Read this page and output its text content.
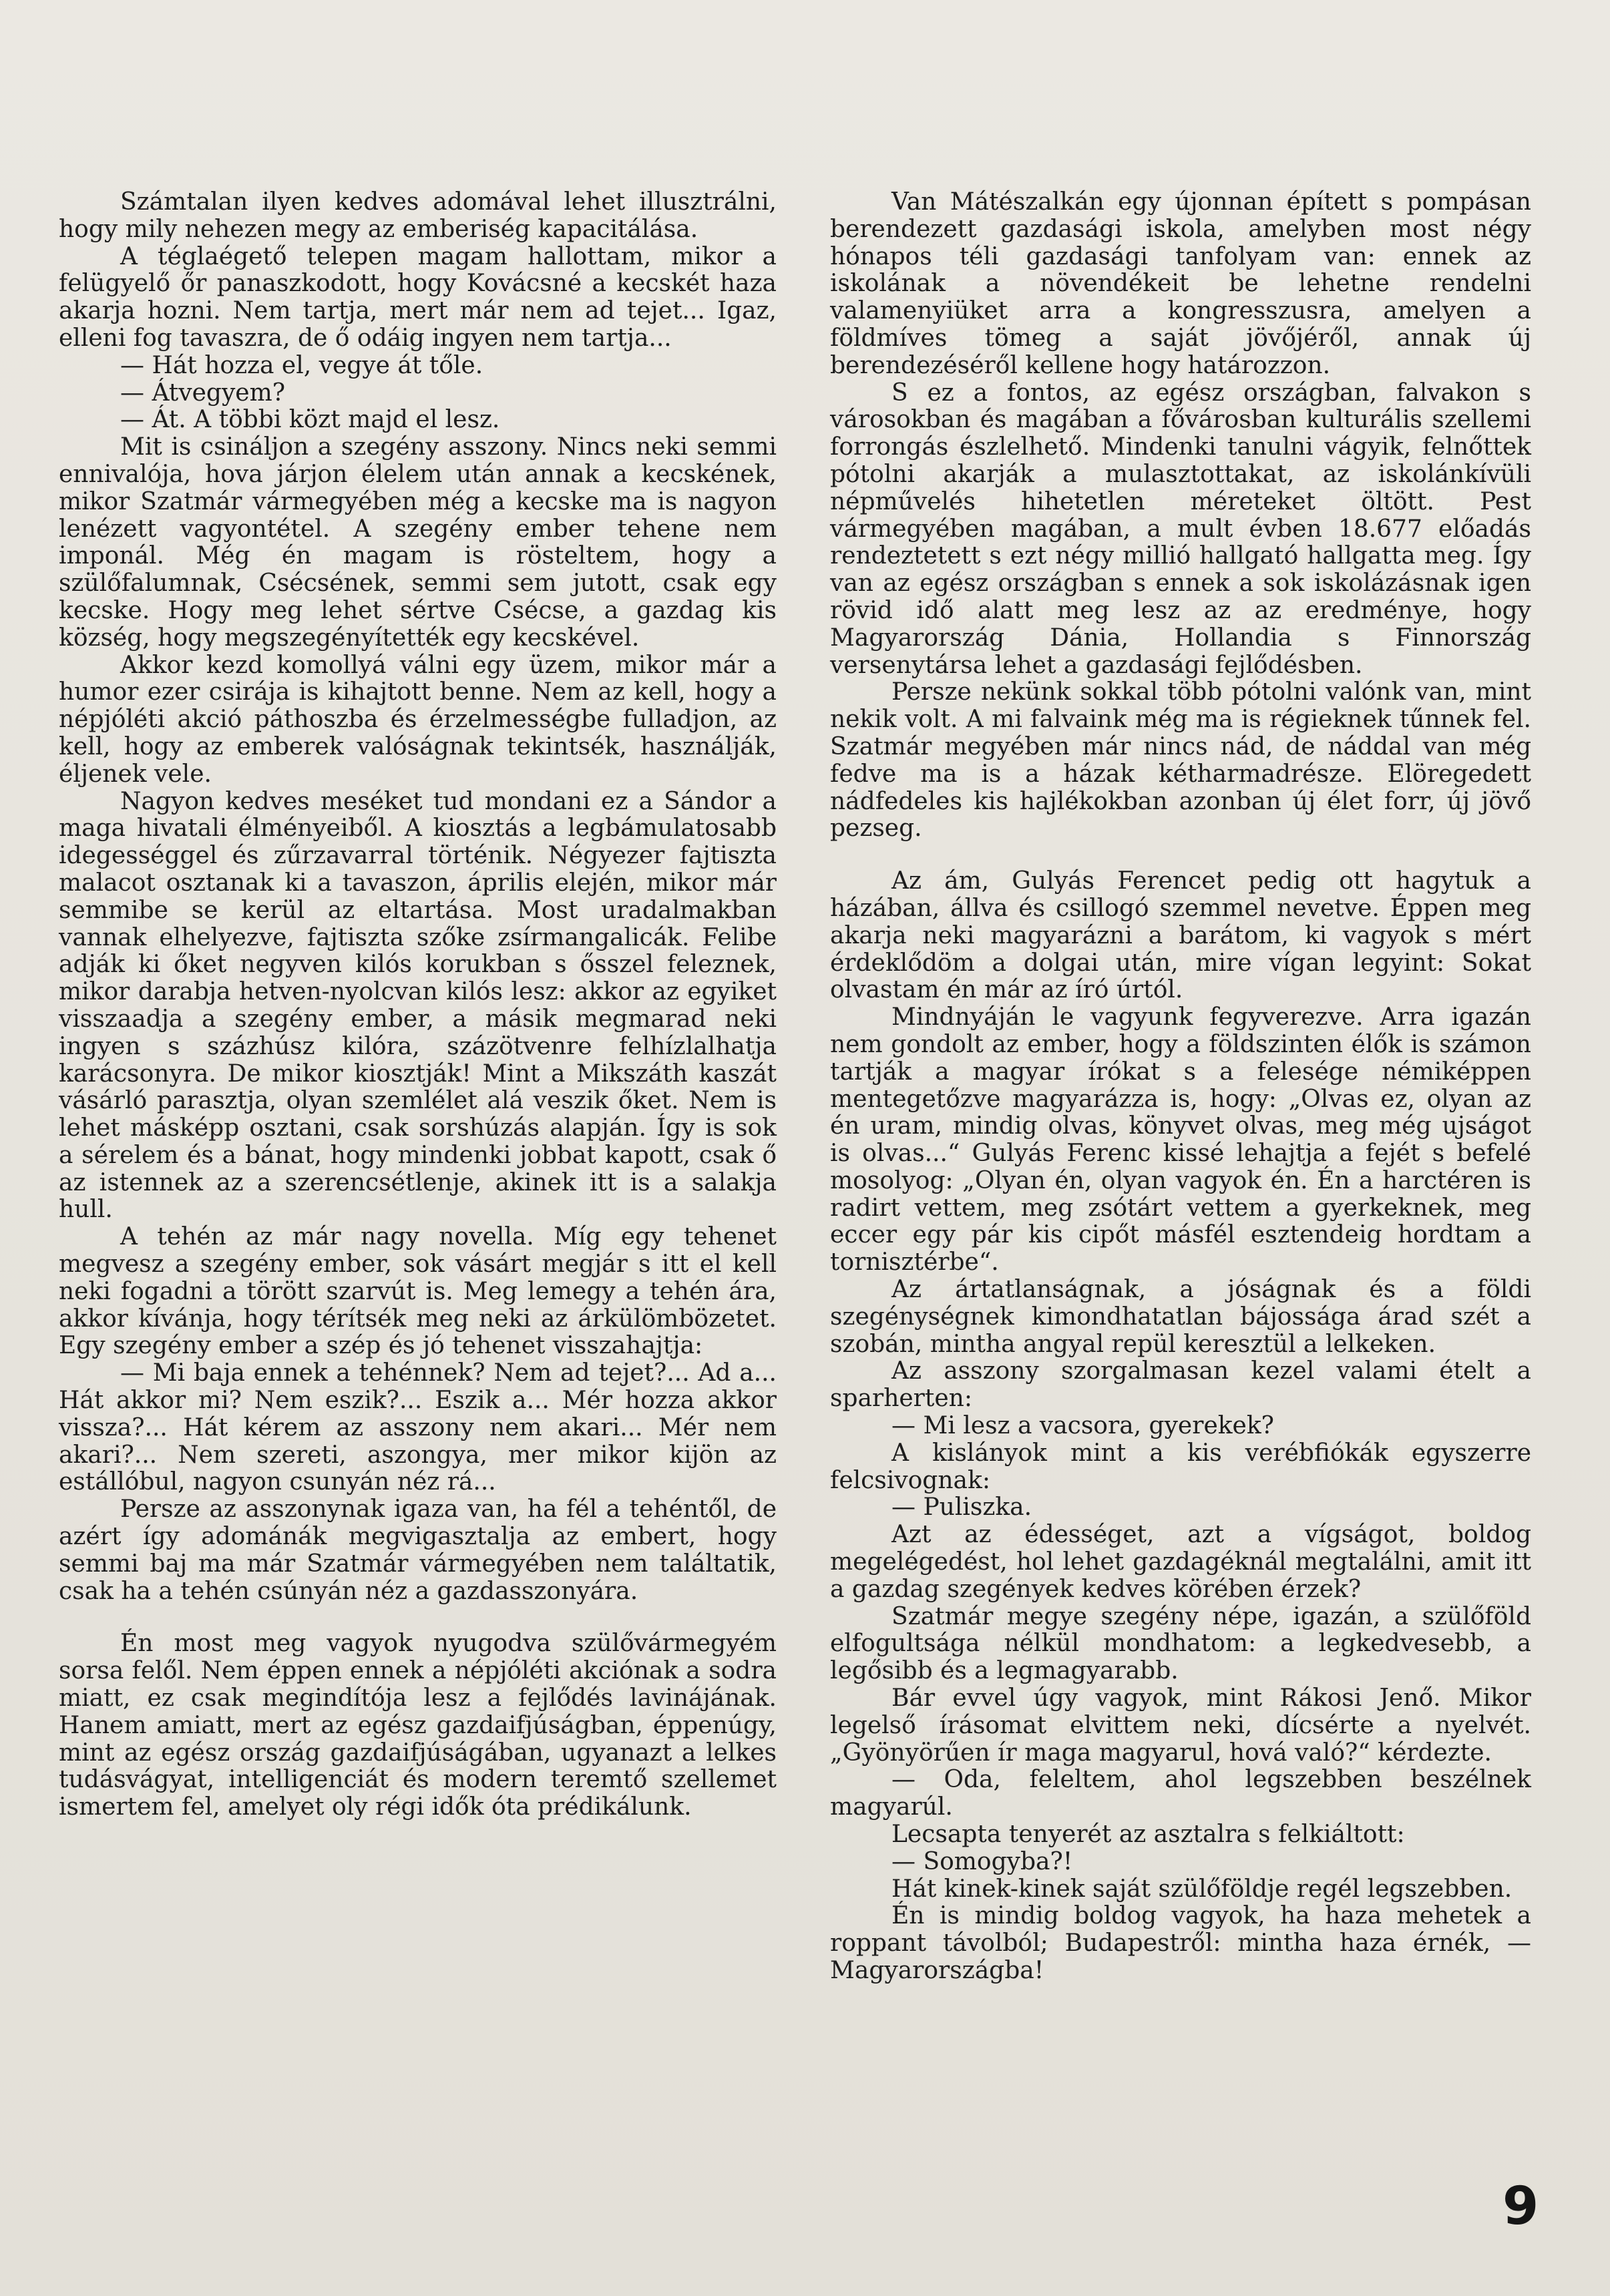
Számtalan ilyen kedves adomával lehet illusztrálni, hogy mily nehezen megy az emberiség kapacitálása.

A téglaégető telepen magam hallottam, mikor a felügyelő őr panaszkodott, hogy Kovácsné a kecskét haza akarja hozni. Nem tartja, mert már nem ad tejet... Igaz, elleni fog tavaszra, de ő odáig ingyen nem tartja...

— Hát hozza el, vegye át tőle.

— Átvegyem?

— Át. A többi közt majd el lesz.

Mit is csináljon a szegény asszony. Nincs neki semmi ennivalója, hova járjon élelem után annak a kecskének, mikor Szatmár vármegyében még a kecske ma is nagyon lenézett vagyontétel. A szegény ember tehene nem imponál. Még én magam is rösteltem, hogy a szülőfalumnak, Csécsének, semmi sem jutott, csak egy kecske. Hogy meg lehet sértve Csécse, a gazdag kis község, hogy megszegényítették egy kecskével.

Akkor kezd komollyá válni egy üzem, mikor már a humor ezer csirája is kihajtott benne. Nem az kell, hogy a népjóléti akció páthoszba és érzelmességbe fulladjon, az kell, hogy az emberek valóságnak tekintsék, használják, éljenek vele.

Nagyon kedves meséket tud mondani ez a Sándor a maga hivatali élményeiből. A kiosztás a legbámulatosabb idegességgel és zűrzavarral történik. Négyezer fajtiszta malacot osztanak ki a tavaszon, április elején, mikor már semmibe se kerül az eltartása. Most uradalmakban vannak elhelyezve, fajtiszta szőke zsírmangalicák. Felibe adják ki őket negyven kilós korukban s ősszel feleznek, mikor darabja hetven-nyolcvan kilós lesz: akkor az egyiket visszaadja a szegény ember, a másik megmarad neki ingyen s százhúsz kilóra, százötvenre felhízlalhatja karácsonyra. De mikor kiosztják! Mint a Mikszáth kaszát vásárló parasztja, olyan szemlélet alá veszik őket. Nem is lehet másképp osztani, csak sorshúzás alapján. Így is sok a sérelem és a bánat, hogy mindenki jobbat kapott, csak ő az istennek az a szerencsétlenje, akinek itt is a salakja hull.

A tehén az már nagy novella. Míg egy tehenet megvesz a szegény ember, sok vásárt megjár s itt el kell neki fogadni a törött szarvút is. Meg lemegy a tehén ára, akkor kívánja, hogy térítsék meg neki az árkülömbözetet. Egy szegény ember a szép és jó tehenet visszahajtja:

— Mi baja ennek a tehénnek? Nem ad tejet?... Ad a... Hát akkor mi? Nem eszik?... Eszik a... Mér hozza akkor vissza?... Hát kérem az asszony nem akari... Mér nem akari?... Nem szereti, aszongya, mer mikor kijön az estállóbul, nagyon csunyán néz rá...

Persze az asszonynak igaza van, ha fél a tehéntől, de azért így adománák megvigasztalja az embert, hogy semmi baj ma már Szatmár vármegyében nem találtatik, csak ha a tehén csúnyán néz a gazdasszonyára.

Én most meg vagyok nyugodva szülővármegyém sorsa felől. Nem éppen ennek a népjóléti akciónak a sodra miatt, ez csak megindítója lesz a fejlődés lavinájának. Hanem amiatt, mert az egész gazdaifjúságban, éppenúgy, mint az egész ország gazdaifjúságában, ugyanazt a lelkes tudásvágyat, intelligenciát és modern teremtő szellemet ismertem fel, amelyet oly régi idők óta prédikálunk.

Van Mátészalkán egy újonnan épített s pompásan berendezett gazdasági iskola, amelyben most négy hónapos téli gazdasági tanfolyam van: ennek az iskolának a növendékeit be lehetne rendelni valamenyiüket arra a kongresszusra, amelyen a földmíves tömeg a saját jövőjéről, annak új berendezéséről kellene hogy határozzon.

S ez a fontos, az egész országban, falvakon s városokban és magában a fővárosban kulturális szellemi forrongás észlelhető. Mindenki tanulni vágyik, felnőttek pótolni akarják a mulasztottakat, az iskolánkívüli népművelés hihetetlen méreteket öltött. Pest vármegyében magában, a mult évben 18.677 előadás rendeztetett s ezt négy millió hallgató hallgatta meg. Így van az egész országban s ennek a sok iskolázásnak igen rövid idő alatt meg lesz az az eredménye, hogy Magyarország Dánia, Hollandia s Finnország versenytársa lehet a gazdasági fejlődésben.

Persze nekünk sokkal több pótolni valónk van, mint nekik volt. A mi falvaink még ma is régieknek tűnnek fel. Szatmár megyében már nincs nád, de náddal van még fedve ma is a házak kétharmadrésze. Elöregedett nádfedeles kis hajlékokban azonban új élet forr, új jövő pezseg.

Az ám, Gulyás Ferencet pedig ott hagytuk a házában, állva és csillogó szemmel nevetve. Éppen meg akarja neki magyarázni a barátom, ki vagyok s mért érdeklődöm a dolgai után, mire vígan legyint: Sokat olvastam én már az író úrtól.

Mindnyáján le vagyunk fegyverezve. Arra igazán nem gondolt az ember, hogy a földszinten élők is számon tartják a magyar írókat s a felesége némiképpen mentegetőzve magyarázza is, hogy: „Olvas ez, olyan az én uram, mindig olvas, könyvet olvas, meg még ujságot is olvas...“ Gulyás Ferenc kissé lehajtja a fejét s befelé mosolyog: „Olyan én, olyan vagyok én. Én a harctéren is radirt vettem, meg zsótárt vettem a gyerkeknek, meg eccer egy pár kis cipőt másfél esztendeig hordtam a tornisztérbe“.

Az ártatlanságnak, a jóságnak és a földi szegénységnek kimondhatatlan bájossága árad szét a szobán, mintha angyal repül keresztül a lelkeken.

Az asszony szorgalmasan kezel valami ételt a sparherten:

— Mi lesz a vacsora, gyerekek?

A kislányok mint a kis verébfiókák egyszerre felcsivognak:

— Puliszka.

Azt az édességet, azt a vígságot, boldog megelégedést, hol lehet gazdagéknál megtalálni, amit itt a gazdag szegények kedves körében érzek?

Szatmár megye szegény népe, igazán, a szülőföld elfogultsága nélkül mondhatom: a legkedvesebb, a legősibb és a legmagyarabb.

Bár evvel úgy vagyok, mint Rákosi Jenő. Mikor legelső írásomat elvittem neki, dícsérte a nyelvét. „Gyönyörűen ír maga magyarul, hová való?“ kérdezte.

— Oda, feleltem, ahol legszebben beszélnek magyarúl.

Lecsapta tenyerét az asztalra s felkiáltott:

— Somogyba?!

Hát kinek-kinek saját szülőföldje regél legszebben.

Én is mindig boldog vagyok, ha haza mehetek a roppant távolból; Budapestről: mintha haza érnék, — Magyarországba!

9
